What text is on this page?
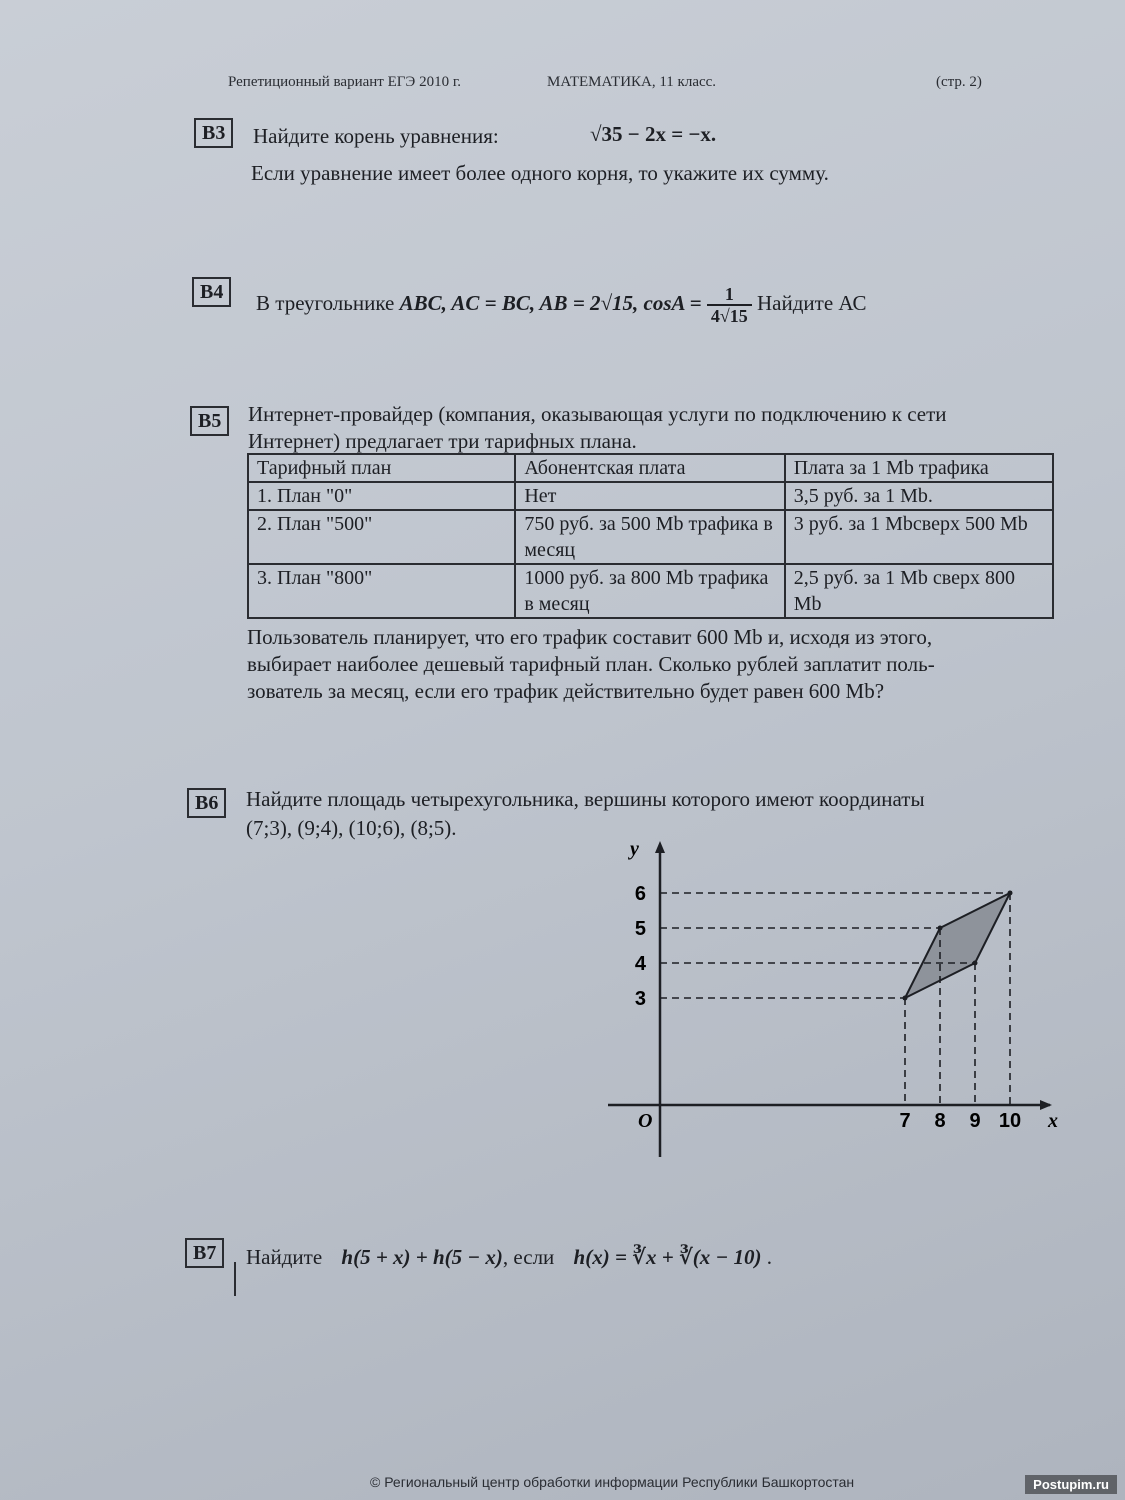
Репетиционный вариант ЕГЭ 2010 г.	МАТЕМАТИКА, 11 класс.	(стр. 2)
В3	Найдите корень уравнения:	√35 − 2x = −x.
Если уравнение имеет более одного корня, то укажите их сумму.
В4	В треугольнике ABC, AC = BC, AB = 2√15, $\cos A = \frac{1}{4√15}$ Найдите АС
В5	Интернет-провайдер (компания, оказывающая услуги по подключению к сети
Интернет) предлагает три тарифных плана.
Тарифный план	Абонентская плата	Плата за 1 Mb трафика
1. План "0"	Нет	3,5 руб. за 1 Mb.
2. План "500"	750 руб. за 500 Mb трафика в месяц	3 руб. за 1 Mbсверх 500 Mb
3. План "800"	1000 руб. за 800 Mb трафика в месяц	2,5 руб. за 1 Mb сверх 800 Mb
Пользователь планирует, что его трафик составит 600 Mb и, исходя из этого,
выбирает наиболее дешевый тарифный план. Сколько рублей заплатит поль-
зователь за месяц, если его трафик действительно будет равен 600 Mb?
В6	Найдите площадь четырехугольника, вершины которого имеют координаты
(7;3), (9;4), (10;6), (8;5).
x
y
O	7 8 9 10
3
4
5
6
В7	Найдите h(5 + x) + h(5 − x), если h(x) = ∛x + ∛(x − 10) .
© Региональный центр обработки информации Республики Башкортостан	Postupim.ru
